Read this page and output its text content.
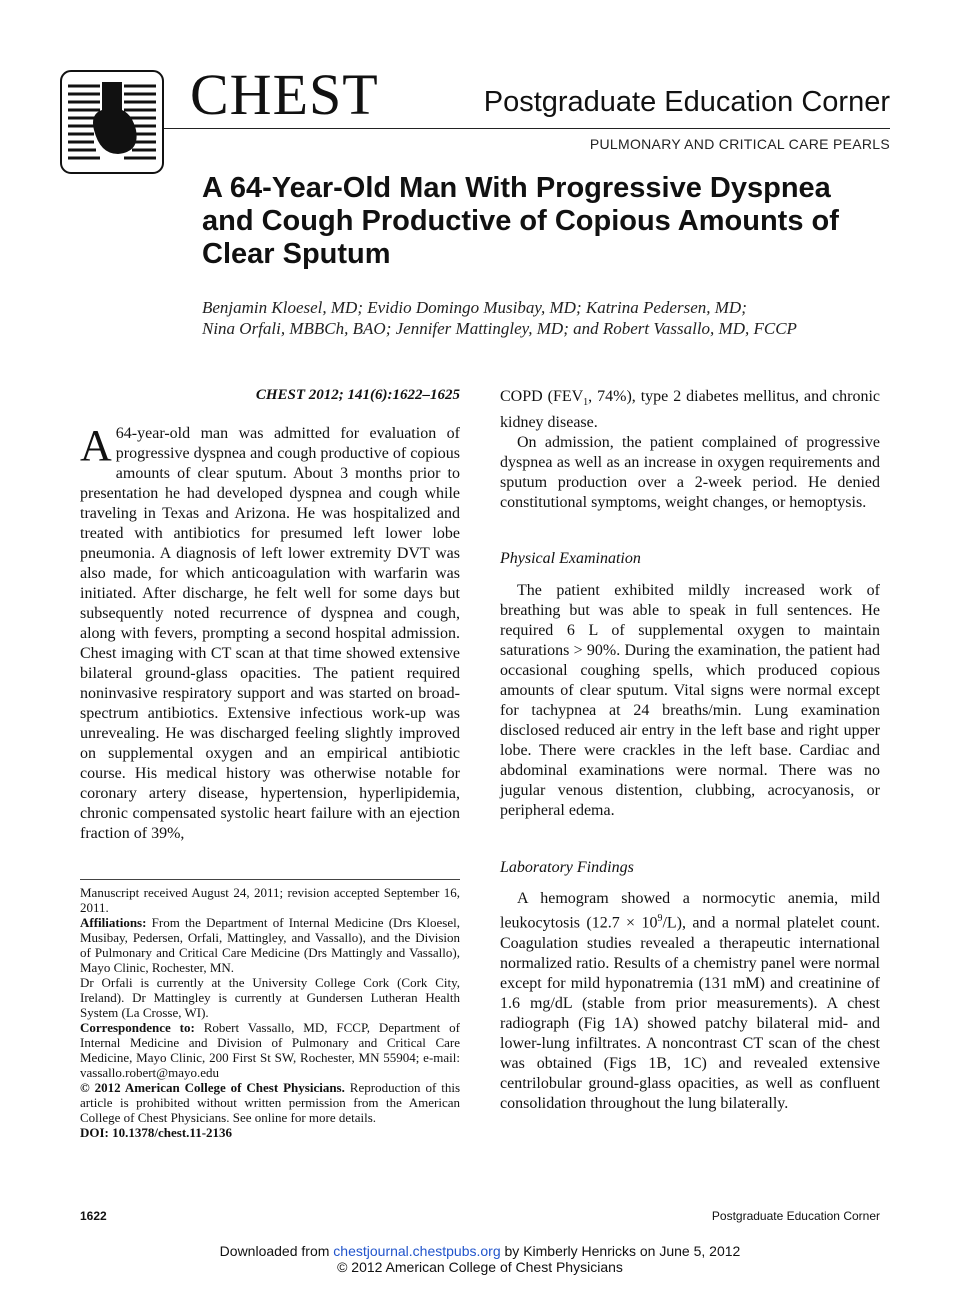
CHEST	Postgraduate Education Corner
PULMONARY AND CRITICAL CARE PEARLS
A 64-Year-Old Man With Progressive Dyspnea and Cough Productive of Copious Amounts of Clear Sputum
Benjamin Kloesel, MD; Evidio Domingo Musibay, MD; Katrina Pedersen, MD;
Nina Orfali, MBBCh, BAO; Jennifer Mattingley, MD; and Robert Vassallo, MD, FCCP
CHEST 2012; 141(6):1622–1625

A 64-year-old man was admitted for evaluation of progressive dyspnea and cough productive of copious amounts of clear sputum. About 3 months prior to presentation he had developed dyspnea and cough while traveling in Texas and Arizona. He was hospitalized and treated with antibiotics for presumed left lower lobe pneumonia. A diagnosis of left lower extremity DVT was also made, for which anticoagulation with warfarin was initiated. After discharge, he felt well for some days but subsequently noted recurrence of dyspnea and cough, along with fevers, prompting a second hospital admission. Chest imaging with CT scan at that time showed extensive bilateral ground-glass opacities. The patient required noninvasive respiratory support and was started on broad-spectrum antibiotics. Extensive infectious work-up was unrevealing. He was discharged feeling slightly improved on supplemental oxygen and an empirical antibiotic course. His medical history was otherwise notable for coronary artery disease, hypertension, hyperlipidemia, chronic compensated systolic heart failure with an ejection fraction of 39%,

Manuscript received August 24, 2011; revision accepted September 16, 2011.

Affiliations: From the Department of Internal Medicine (Drs Kloesel, Musibay, Pedersen, Orfali, Mattingley, and Vassallo), and the Division of Pulmonary and Critical Care Medicine (Drs Mattingly and Vassallo), Mayo Clinic, Rochester, MN.

Dr Orfali is currently at the University College Cork (Cork City, Ireland). Dr Mattingley is currently at Gundersen Lutheran Health System (La Crosse, WI).

Correspondence to: Robert Vassallo, MD, FCCP, Department of Internal Medicine and Division of Pulmonary and Critical Care Medicine, Mayo Clinic, 200 First St SW, Rochester, MN 55904; e-mail: vassallo.robert@mayo.edu

© 2012 American College of Chest Physicians. Reproduction of this article is prohibited without written permission from the American College of Chest Physicians. See online for more details.

DOI: 10.1378/chest.11-2136

COPD ($FEV_1$, 74%), type 2 diabetes mellitus, and chronic kidney disease.

On admission, the patient complained of progressive dyspnea as well as an increase in oxygen requirements and sputum production over a 2-week period. He denied constitutional symptoms, weight changes, or hemoptysis.

Physical Examination

The patient exhibited mildly increased work of breathing but was able to speak in full sentences. He required 6 L of supplemental oxygen to maintain saturations > 90%. During the examination, the patient had occasional coughing spells, which produced copious amounts of clear sputum. Vital signs were normal except for tachypnea at 24 breaths/min. Lung examination disclosed reduced air entry in the left base and right upper lobe. There were crackles in the left base. Cardiac and abdominal examinations were normal. There was no jugular venous distention, clubbing, acrocyanosis, or peripheral edema.

Laboratory Findings

A hemogram showed a normocytic anemia, mild leukocytosis $(12.7 \times 10^9/L)$, and a normal platelet count. Coagulation studies revealed a therapeutic international normalized ratio. Results of a chemistry panel were normal except for mild hyponatremia (131 mM) and creatinine of 1.6 mg/dL (stable from prior measurements). A chest radiograph (Fig 1A) showed patchy bilateral mid- and lower-lung infiltrates. A noncontrast CT scan of the chest was obtained (Figs 1B, 1C) and revealed extensive centrilobular ground-glass opacities, as well as confluent consolidation throughout the lung bilaterally.

1622	Postgraduate Education Corner
Downloaded from chestjournal.chestpubs.org by Kimberly Henricks on June 5, 2012
© 2012 American College of Chest Physicians
